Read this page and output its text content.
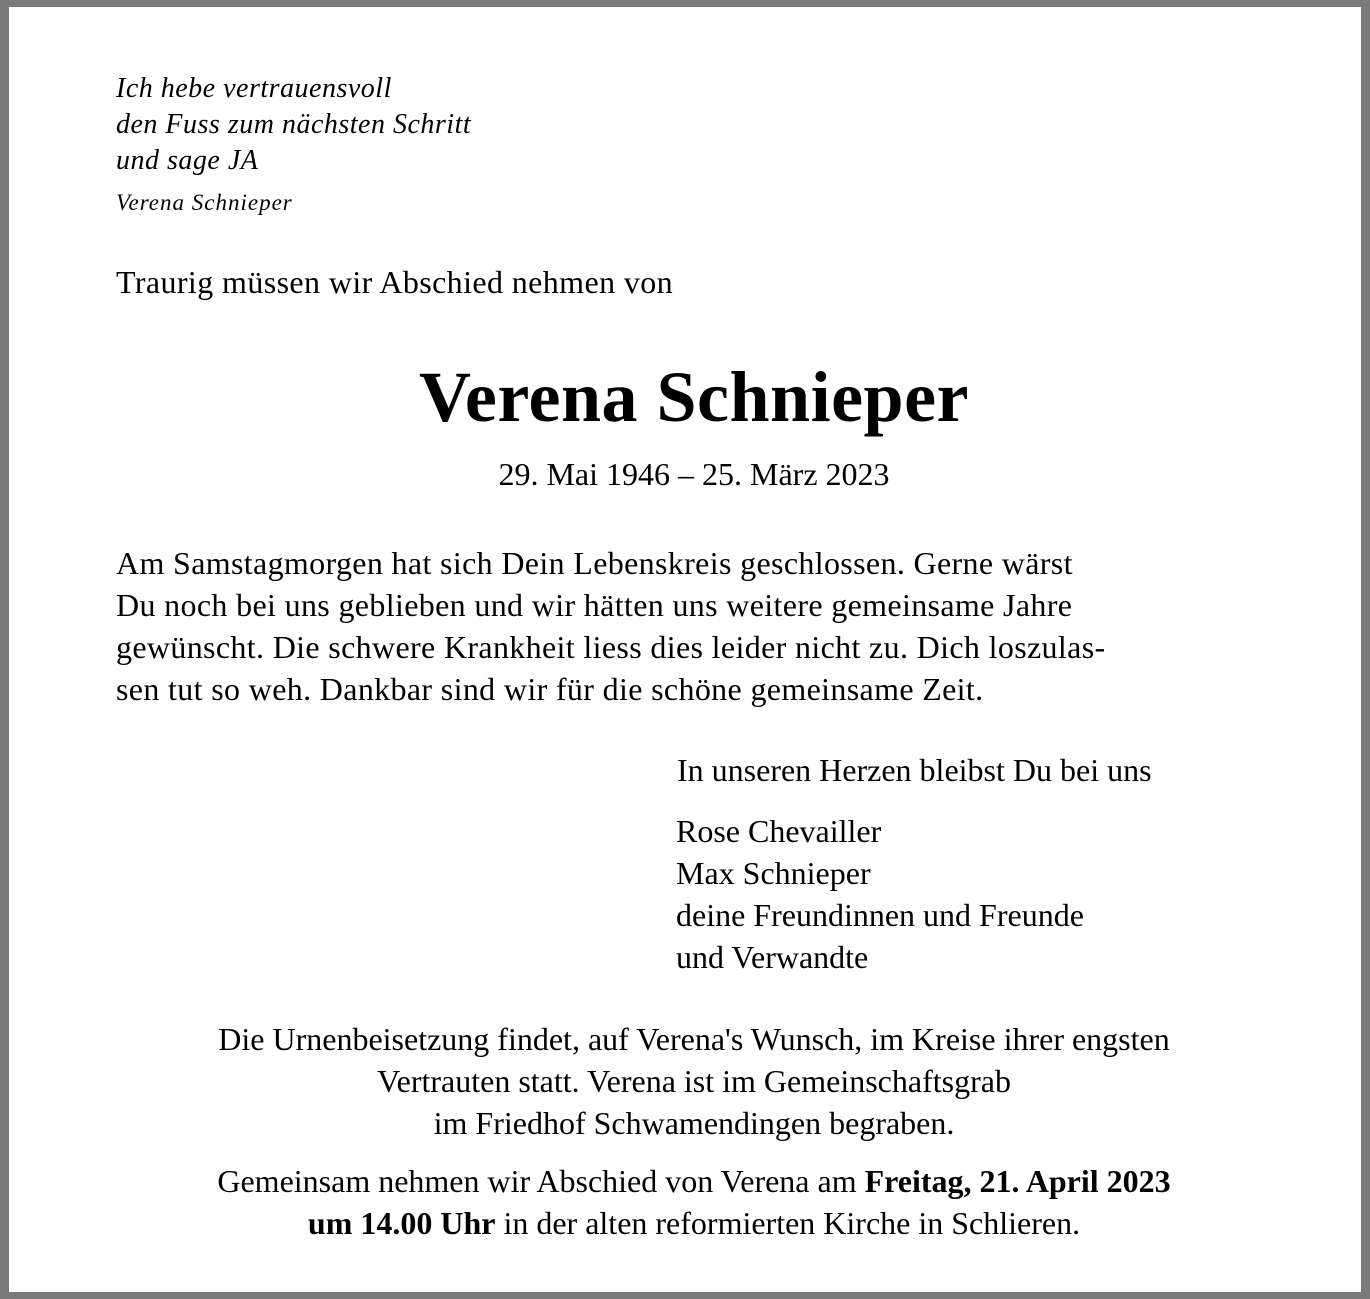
Ich hebe vertrauensvoll
den Fuss zum nächsten Schritt
und sage JA
Verena Schnieper
Traurig müssen wir Abschied nehmen von
Verena Schnieper
29. Mai 1946 – 25. März 2023
Am Samstagmorgen hat sich Dein Lebenskreis geschlossen. Gerne wärst
Du noch bei uns geblieben und wir hätten uns weitere gemeinsame Jahre
gewünscht. Die schwere Krankheit liess dies leider nicht zu. Dich loszulas-
sen tut so weh. Dankbar sind wir für die schöne gemeinsame Zeit.
In unseren Herzen bleibst Du bei uns
Rose Chevailler
Max Schnieper
deine Freundinnen und Freunde
und Verwandte
Die Urnenbeisetzung findet, auf Verena's Wunsch, im Kreise ihrer engsten
Vertrauten statt. Verena ist im Gemeinschaftsgrab
im Friedhof Schwamendingen begraben.
Gemeinsam nehmen wir Abschied von Verena am Freitag, 21. April 2023
um 14.00 Uhr in der alten reformierten Kirche in Schlieren.
